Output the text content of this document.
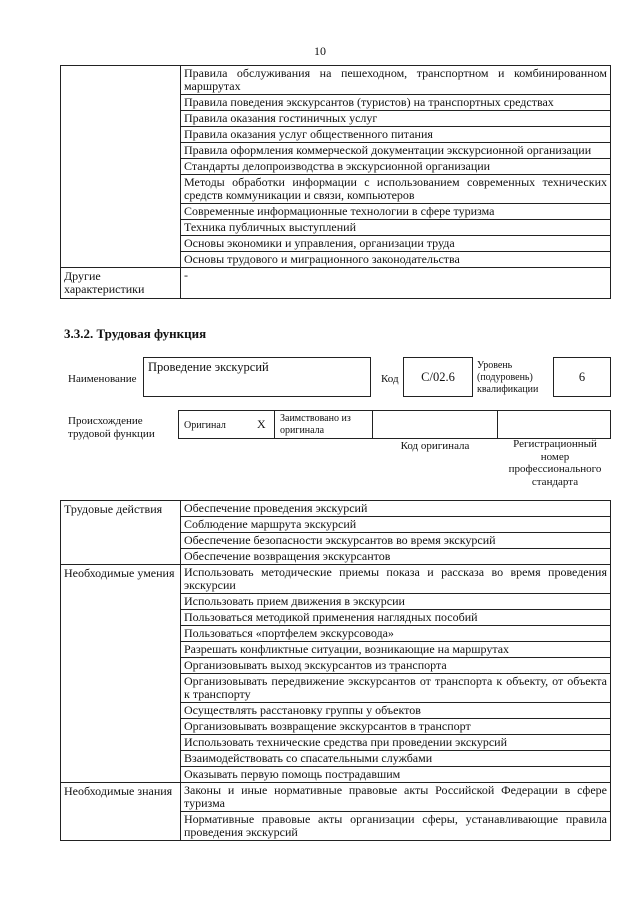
10
	Правила обслуживания на пешеходном, транспортном и комбинированном маршрутах
	Правила поведения экскурсантов (туристов) на транспортных средствах
	Правила оказания гостиничных услуг
	Правила оказания услуг общественного питания
	Правила оформления коммерческой документации экскурсионной организации
	Стандарты делопроизводства в экскурсионной организации
	Методы обработки информации с использованием современных технических средств коммуникации и связи, компьютеров
	Современные информационные технологии в сфере туризма
	Техника публичных выступлений
	Основы экономики и управления, организации труда
	Основы трудового и миграционного законодательства
Другие характеристики	-
3.3.2. Трудовая функция
Наименование
Проведение экскурсий
Код	C/02.6
Уровень (подуровень) квалификации
6
Происхождение трудовой функции
Оригинал	X Заимствовано из оригинала
Код оригинала	Регистрационный номер профессионального стандарта
Трудовые действия	Обеспечение проведения экскурсий
	Соблюдение маршрута экскурсий
	Обеспечение безопасности экскурсантов во время экскурсий
	Обеспечение возвращения экскурсантов
Необходимые умения	Использовать методические приемы показа и рассказа во время проведения экскурсии
	Использовать прием движения в экскурсии
	Пользоваться методикой применения наглядных пособий
	Пользоваться «портфелем экскурсовода»
	Разрешать конфликтные ситуации, возникающие на маршрутах
	Организовывать выход экскурсантов из транспорта
	Организовывать передвижение экскурсантов от транспорта к объекту, от объекта к транспорту
	Осуществлять расстановку группы у объектов
	Организовывать возвращение экскурсантов в транспорт
	Использовать технические средства при проведении экскурсий
	Взаимодействовать со спасательными службами
	Оказывать первую помощь пострадавшим
Необходимые знания	Законы и иные нормативные правовые акты Российской Федерации в сфере туризма
	Нормативные правовые акты организации сферы, устанавливающие правила проведения экскурсий
